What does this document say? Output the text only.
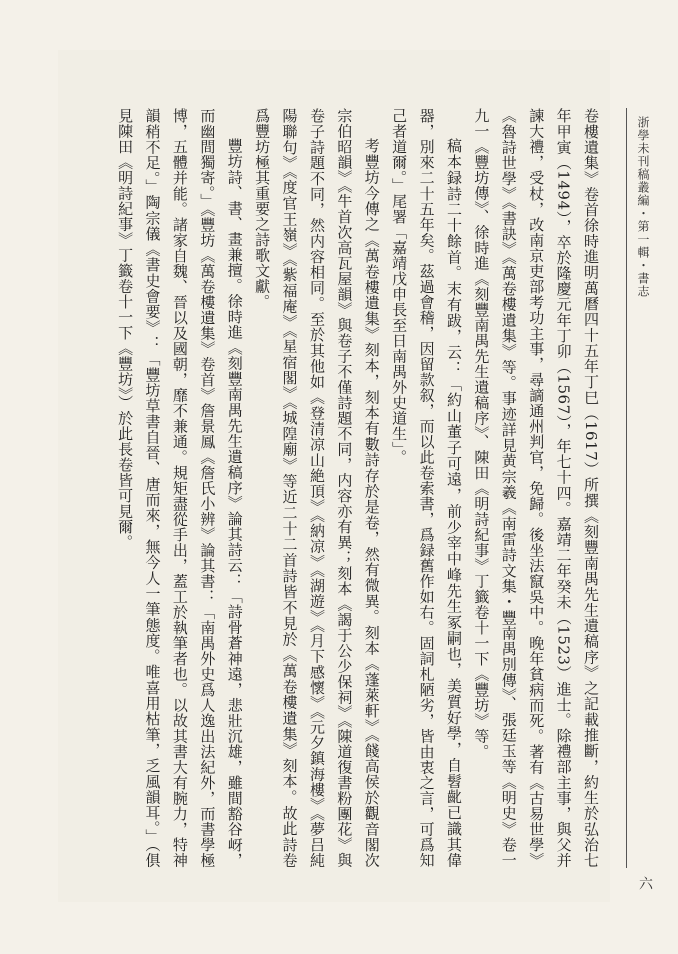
卷樓遺集》卷首徐時進明萬曆四十五年丁巳（1617）所撰《刻豐南禺先生遺稿序》之記載推斷，約生於弘治七年甲寅（1494），卒於隆慶元年丁卯（1567），年七十四。嘉靖二年癸未（1523）進士。除禮部主事，與父并諫大禮，受杖，改南京吏部考功主事，尋謫通州判官，免歸。後坐法竄吳中。晚年貧病而死。著有《古易世學》《魯詩世學》《書訣》《萬卷樓遺集》等。事迹詳見黄宗羲《南雷詩文集・豐南禺別傳》、張廷玉等《明史》卷一九一《豐坊傳》、徐時進《刻豐南禺先生遺稿序》、陳田《明詩紀事》丁籤卷十一下《豐坊》等。

稿本録詩二十餘首。末有跋，云：「約山董子可遠，前少宰中峰先生冢嗣也，美質好學，自髫齔已識其偉器，別來二十五年矣。茲過會稽，因留款叙，而以此卷索書，爲録舊作如右。固詞札陋劣，皆由衷之言，可爲知己者道爾。」尾署「嘉靖戊申長至日南禺外史道生」。

考豐坊今傳之《萬卷樓遺集》刻本，刻本有數詩存於是卷，然有微異。刻本《蓬萊軒》《餞高侯於觀音閣次宗伯昭韻》《牛首次高瓦屋韻》與卷子不僅詩題不同，内容亦有異；刻本《謁于公少保祠》《陳道復書粉團花》與卷子詩題不同，然内容相同。至於其他如《登清凉山絶頂》《納凉》《湖遊》《月下感懷》《元夕鎮海樓》《夢吕純陽聯句》《度官王嶺》《紫福庵》《星宿閣》《城隍廟》等近二十二首詩皆不見於《萬卷樓遺集》刻本。故此詩卷爲豐坊極其重要之詩歌文獻。

豐坊詩、書、畫兼擅。徐時進《刻豐南禺先生遺稿序》論其詩云：「詩骨蒼神遠，悲壯沉雄，雖間豁谷岈，而幽間獨寄。」《豐坊《萬卷樓遺集》卷首》詹景鳳《詹氏小辨》論其書：「南禺外史爲人逸出法紀外，而書學極博，五體并能。諸家自魏、晉以及國朝，靡不兼通。規矩盡從手出，蓋工於執筆者也。以故其書大有腕力，特神韻稍不足。」陶宗儀《書史會要》：「豐坊草書自晉、唐而來，無今人一筆態度。唯喜用枯筆，乏風韻耳。」（俱見陳田《明詩紀事》丁籤卷十一下《豐坊》）於此長卷皆可見爾。	浙學未刊稿叢編・第一輯・書志
六
